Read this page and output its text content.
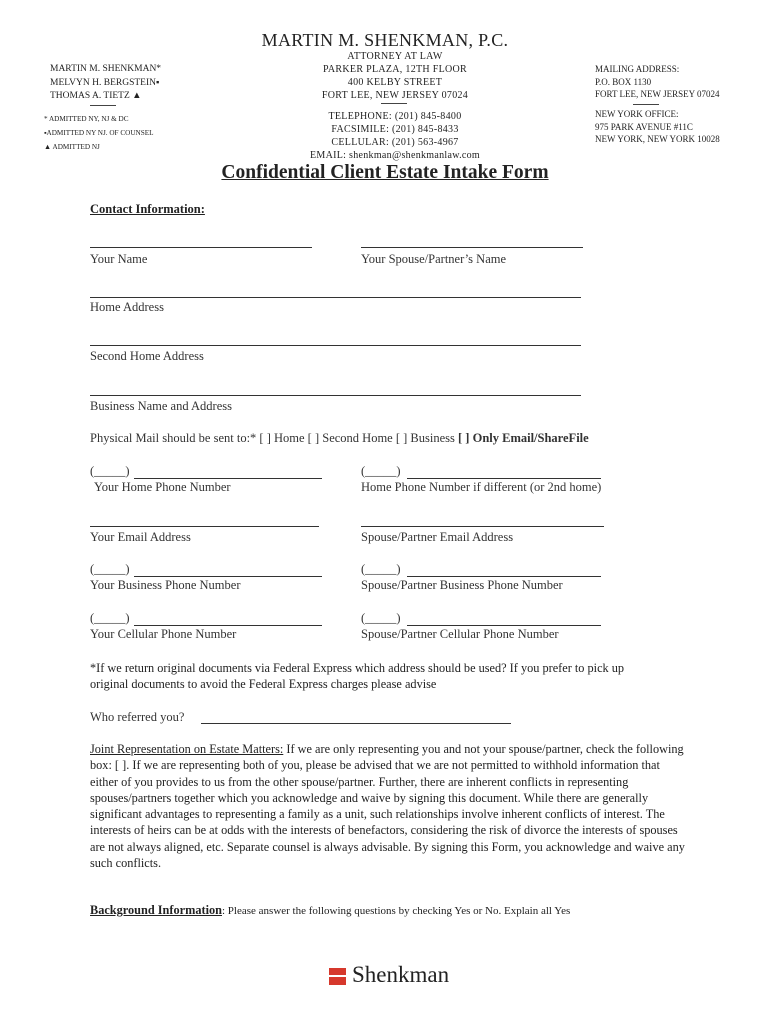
MARTIN M. SHENKMAN, P.C.
ATTORNEY AT LAW
PARKER PLAZA, 12TH FLOOR
400 KELBY STREET
FORT LEE, NEW JERSEY 07024
TELEPHONE: (201) 845-8400
FACSIMILE: (201) 845-8433
CELLULAR: (201) 563-4967
EMAIL: shenkman@shenkmanlaw.com
MARTIN M. SHENKMAN*
MELVYN H. BERGSTEIN▪
THOMAS A. TIETZ ▲
* ADMITTED NY, NJ & DC
▪ADMITTED NY NJ. OF COUNSEL
▲ ADMITTED NJ
MAILING ADDRESS:
P.O. BOX 1130
FORT LEE, NEW JERSEY 07024
NEW YORK OFFICE:
975 PARK AVENUE #11C
NEW YORK, NEW YORK 10028
Confidential Client Estate Intake Form
Contact Information:
Your Name	Your Spouse/Partner’s Name
Home Address
Second Home Address
Business Name and Address
Physical Mail should be sent to:* [ ] Home [ ] Second Home [ ] Business [ ] Only Email/ShareFile
(_____)	(_____)
Your Home Phone Number	Home Phone Number if different (or 2nd home)
Your Email Address	Spouse/Partner Email Address
(_____)	(_____)
Your Business Phone Number	Spouse/Partner Business Phone Number
(_____)	(_____)
Your Cellular Phone Number	Spouse/Partner Cellular Phone Number
*If we return original documents via Federal Express which address should be used? If you prefer to pick up original documents to avoid the Federal Express charges please advise
Who referred you?
Joint Representation on Estate Matters: If we are only representing you and not your spouse/partner, check the following box: [ ]. If we are representing both of you, please be advised that we are not permitted to withhold information that either of you provides to us from the other spouse/partner. Further, there are inherent conflicts in representing spouses/partners together which you acknowledge and waive by signing this document. While there are generally significant advantages to representing a family as a unit, such relationships involve inherent conflicts of interest. The interests of heirs can be at odds with the interests of benefactors, considering the risk of divorce the interests of spouses are not always aligned, etc. Separate counsel is always advisable. By signing this Form, you acknowledge and waive any such conflicts.
Background Information: Please answer the following questions by checking Yes or No. Explain all Yes
Shenkman
